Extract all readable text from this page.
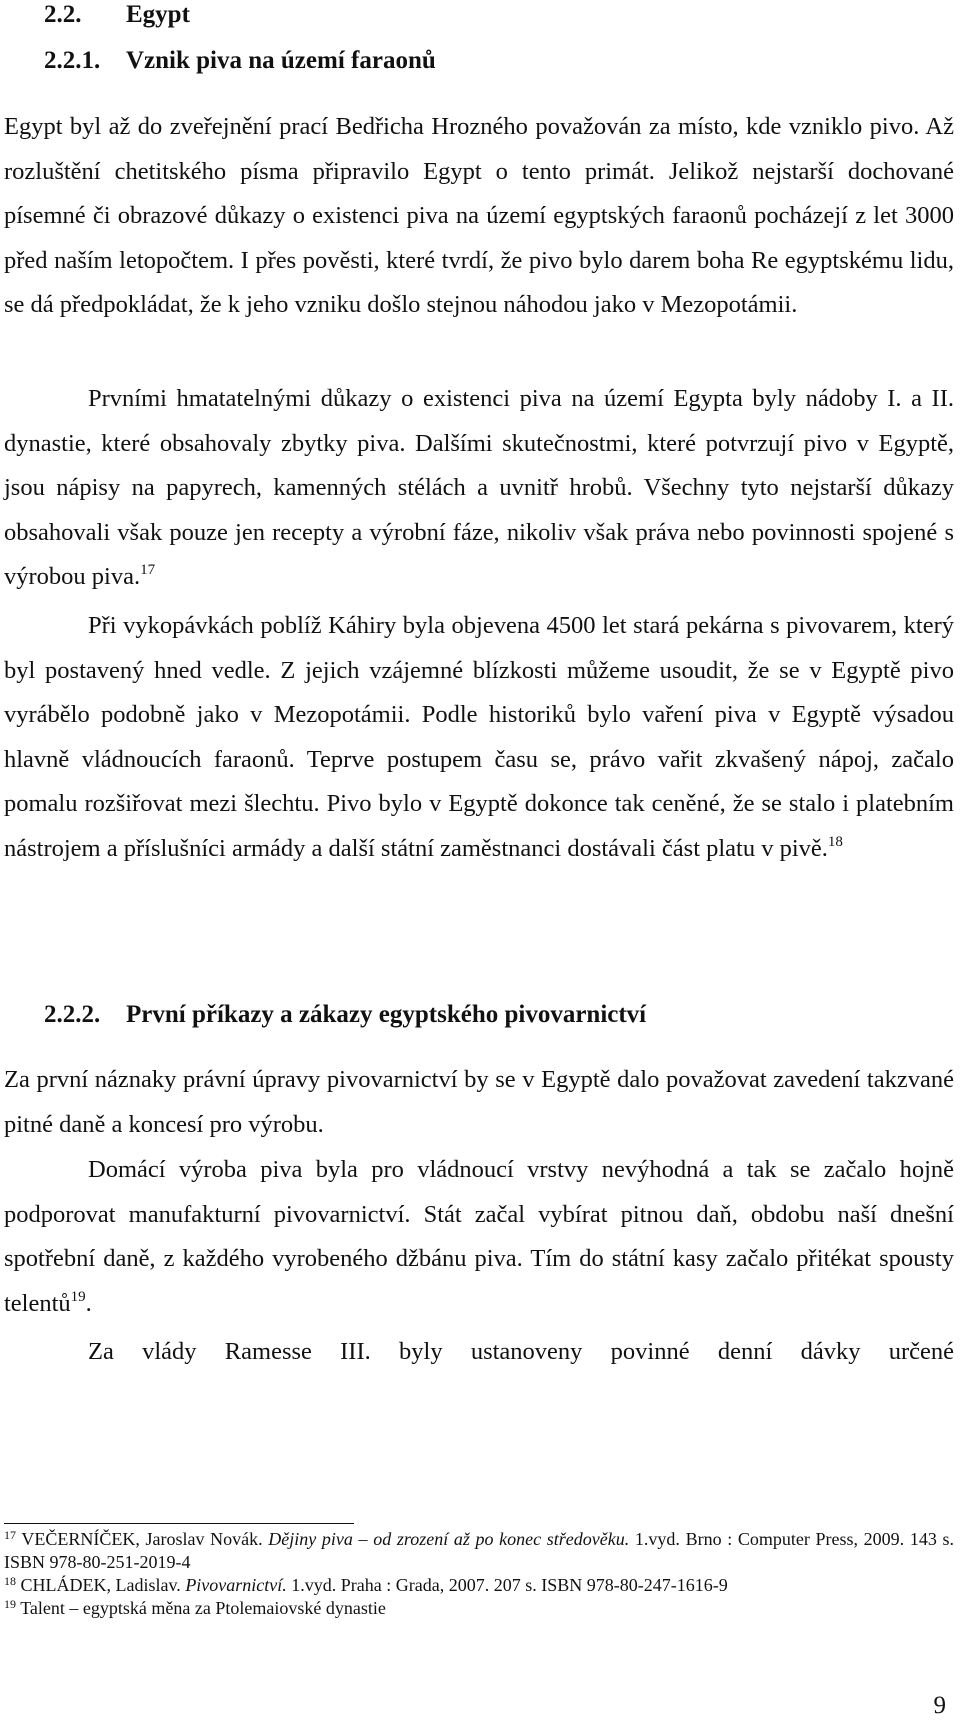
2.2. Egypt
2.2.1. Vznik piva na území faraonů

Egypt byl až do zveřejnění prací Bedřicha Hrozného považován za místo, kde vzniklo pivo. Až rozluštění chetitského písma připravilo Egypt o tento primát. Jelikož nejstarší dochované písemné či obrazové důkazy o existenci piva na území egyptských faraonů pocházejí z let 3000 před naším letopočtem. I přes pověsti, které tvrdí, že pivo bylo darem boha Re egyptskému lidu, se dá předpokládat, že k jeho vzniku došlo stejnou náhodou jako v Mezopotámii.

Prvními hmatatelnými důkazy o existenci piva na území Egypta byly nádoby I. a II. dynastie, které obsahovaly zbytky piva. Dalšími skutečnostmi, které potvrzují pivo v Egyptě, jsou nápisy na papyrech, kamenných stélách a uvnitř hrobů. Všechny tyto nejstarší důkazy obsahovali však pouze jen recepty a výrobní fáze, nikoliv však práva nebo povinnosti spojené s výrobou piva.$^{17}$

Při vykopávkách poblíž Káhiry byla objevena 4500 let stará pekárna s pivovarem, který byl postavený hned vedle. Z jejich vzájemné blízkosti můžeme usoudit, že se v Egyptě pivo vyrábělo podobně jako v Mezopotámii. Podle historiků bylo vaření piva v Egyptě výsadou hlavně vládnoucích faraonů. Teprve postupem času se, právo vařit zkvašený nápoj, začalo pomalu rozšiřovat mezi šlechtu. Pivo bylo v Egyptě dokonce tak ceněné, že se stalo i platebním nástrojem a příslušníci armády a další státní zaměstnanci dostávali část platu v pivě.$^{18}$

2.2.2. První příkazy a zákazy egyptského pivovarnictví

Za první náznaky právní úpravy pivovarnictví by se v Egyptě dalo považovat zavedení takzvané pitné daně a koncesí pro výrobu.

Domácí výroba piva byla pro vládnoucí vrstvy nevýhodná a tak se začalo hojně podporovat manufakturní pivovarnictví. Stát začal vybírat pitnou daň, obdobu naší dnešní spotřební daně, z každého vyrobeného džbánu piva. Tím do státní kasy začalo přitékat spousty telentů$^{19}$.

Za vlády Ramesse III. byly ustanoveny povinné denní dávky určené

$^{17}$ VEČERNÍČEK, Jaroslav Novák. Dějiny piva – od zrození až po konec středověku. 1.vyd. Brno : Computer Press, 2009. 143 s. ISBN 978-80-251-2019-4

$^{18}$ CHLÁDEK, Ladislav. Pivovarnictví. 1.vyd. Praha : Grada, 2007. 207 s. ISBN 978-80-247-1616-9

$^{19}$ Talent – egyptská měna za Ptolemaiovské dynastie

9
